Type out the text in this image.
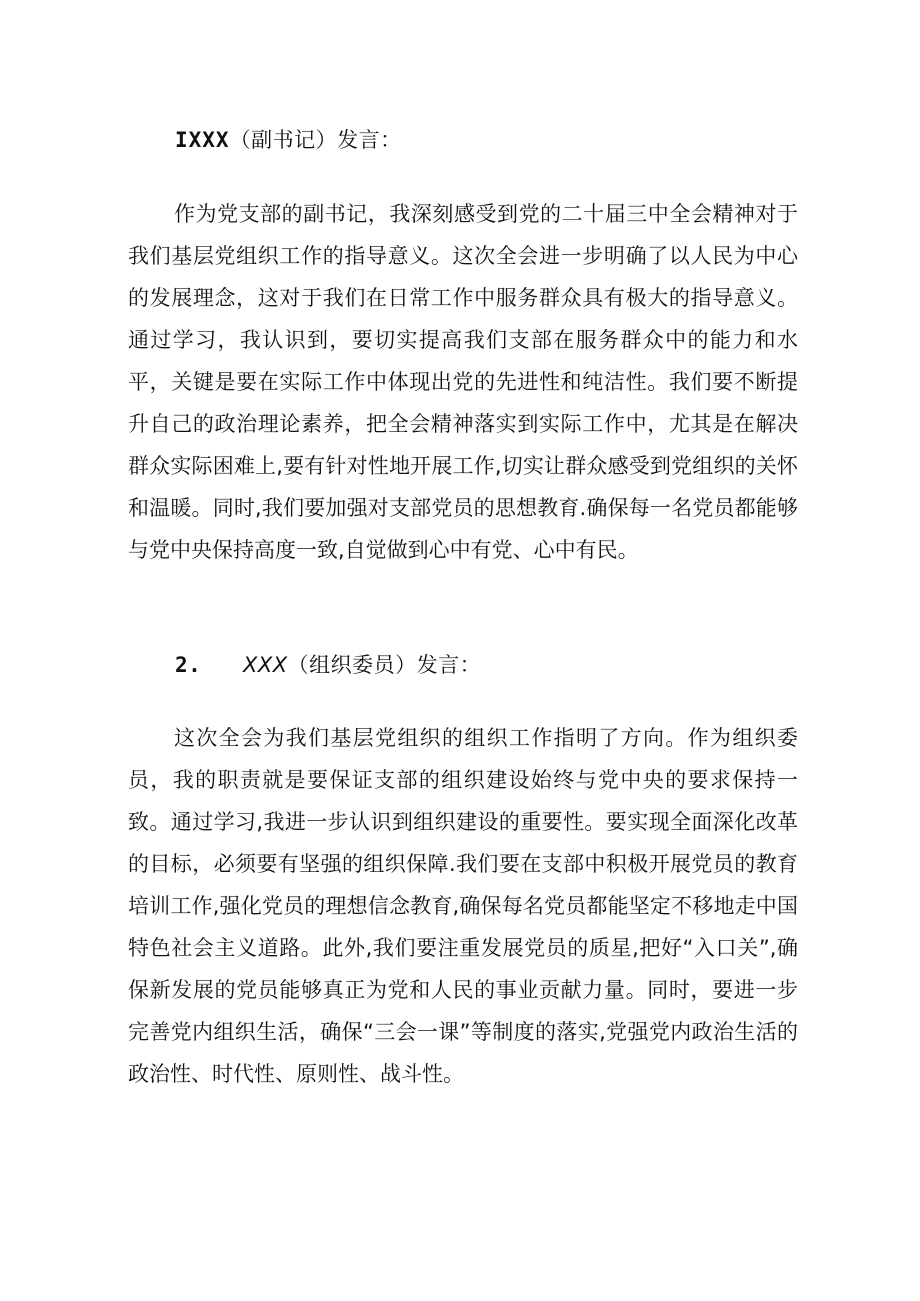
IXXX（副书记）发言：
作为党支部的副书记，我深刻感受到党的二十届三中全会精神对于我们基层党组织工作的指导意义。这次全会进一步明确了以人民为中心的发展理念，这对于我们在日常工作中服务群众具有极大的指导意义。通过学习，我认识到，要切实提高我们支部在服务群众中的能力和水平，关键是要在实际工作中体现出党的先进性和纯洁性。我们要不断提升自己的政治理论素养，把全会精神落实到实际工作中，尤其是在解决群众实际困难上,要有针对性地开展工作,切实让群众感受到党组织的关怀和温暖。同时,我们要加强对支部党员的思想教育.确保每一名党员都能够与党中央保持高度一致,自觉做到心中有党、心中有民。
2. XXX（组织委员）发言：
这次全会为我们基层党组织的组织工作指明了方向。作为组织委员，我的职责就是要保证支部的组织建设始终与党中央的要求保持一致。通过学习,我进一步认识到组织建设的重要性。要实现全面深化改革的目标，必须要有坚强的组织保障.我们要在支部中积极开展党员的教育培训工作,强化党员的理想信念教育,确保每名党员都能坚定不移地走中国特色社会主义道路。此外,我们要注重发展党员的质星,把好“入口关”,确保新发展的党员能够真正为党和人民的事业贡献力量。同时，要进一步完善党内组织生活，确保“三会一课”等制度的落实,党强党内政治生活的政治性、时代性、原则性、战斗性。
